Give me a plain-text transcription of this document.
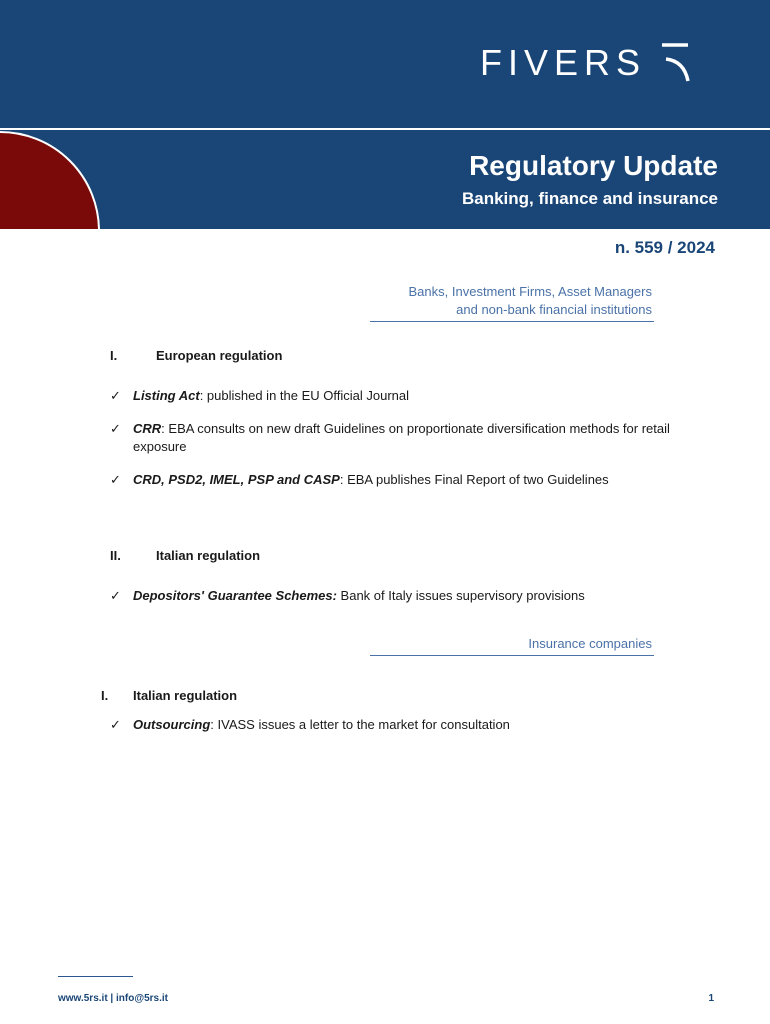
FIVERS
Regulatory Update
Banking, finance and insurance
n. 559 / 2024
Banks, Investment Firms, Asset Managers
and non-bank financial institutions
I.	European regulation
✓ Listing Act: published in the EU Official Journal
✓ CRR: EBA consults on new draft Guidelines on proportionate diversification methods for retail exposure
✓ CRD, PSD2, IMEL, PSP and CASP: EBA publishes Final Report of two Guidelines
II.	Italian regulation
✓ Depositors' Guarantee Schemes: Bank of Italy issues supervisory provisions
Insurance companies
I. Italian regulation
✓ Outsourcing: IVASS issues a letter to the market for consultation
www.5rs.it | info@5rs.it	1
